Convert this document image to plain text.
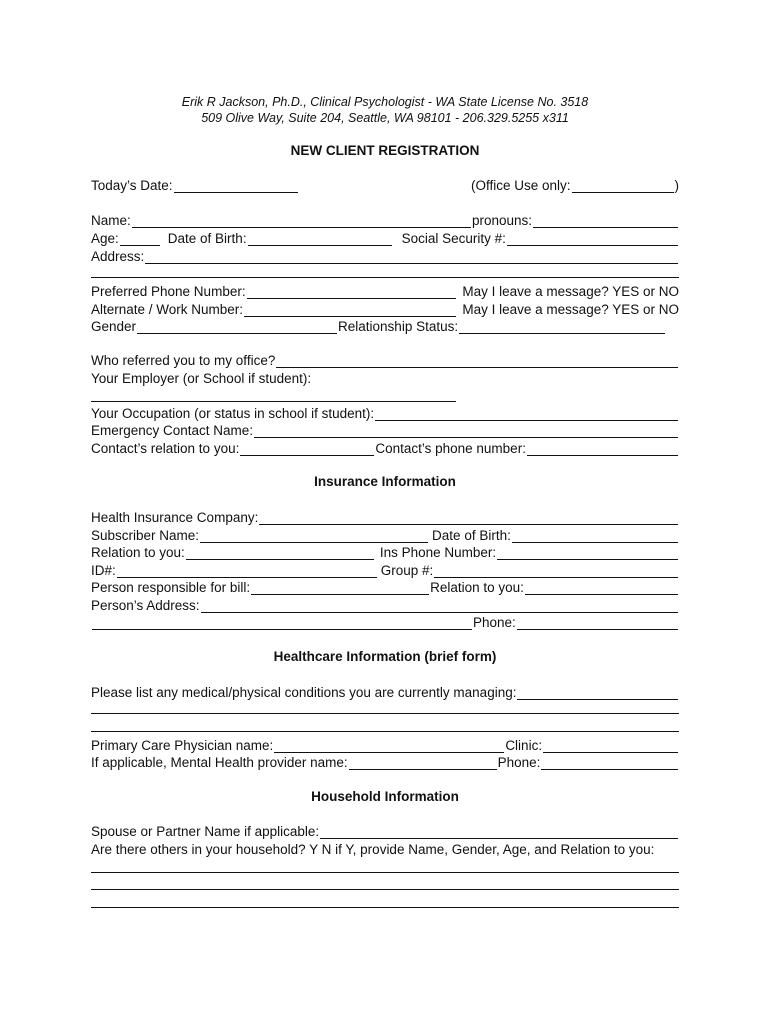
Erik R Jackson, Ph.D., Clinical Psychologist - WA State License No. 3518
509 Olive Way, Suite 204, Seattle, WA 98101 - 206.329.5255 x311
NEW CLIENT REGISTRATION
Today’s Date:	(Office Use only:	)
Name:	pronouns:
Age:	Date of Birth:	Social Security #:
Address:
Preferred Phone Number:	May I leave a message? YES or NO
Alternate / Work Number:	May I leave a message? YES or NO
Gender	Relationship Status:
Who referred you to my office?
Your Employer (or School if student):
Your Occupation (or status in school if student):
Emergency Contact Name:
Contact’s relation to you:	Contact’s phone number:
Insurance Information
Health Insurance Company:
Subscriber Name:	Date of Birth:
Relation to you:	Ins Phone Number:
ID#:	Group #:
Person responsible for bill:	Relation to you:
Person’s Address:
Phone:
Healthcare Information (brief form)
Please list any medical/physical conditions you are currently managing:
Primary Care Physician name:	Clinic:
If applicable, Mental Health provider name:	Phone:
Household Information
Spouse or Partner Name if applicable:
Are there others in your household? Y N if Y, provide Name, Gender, Age, and Relation to you:
